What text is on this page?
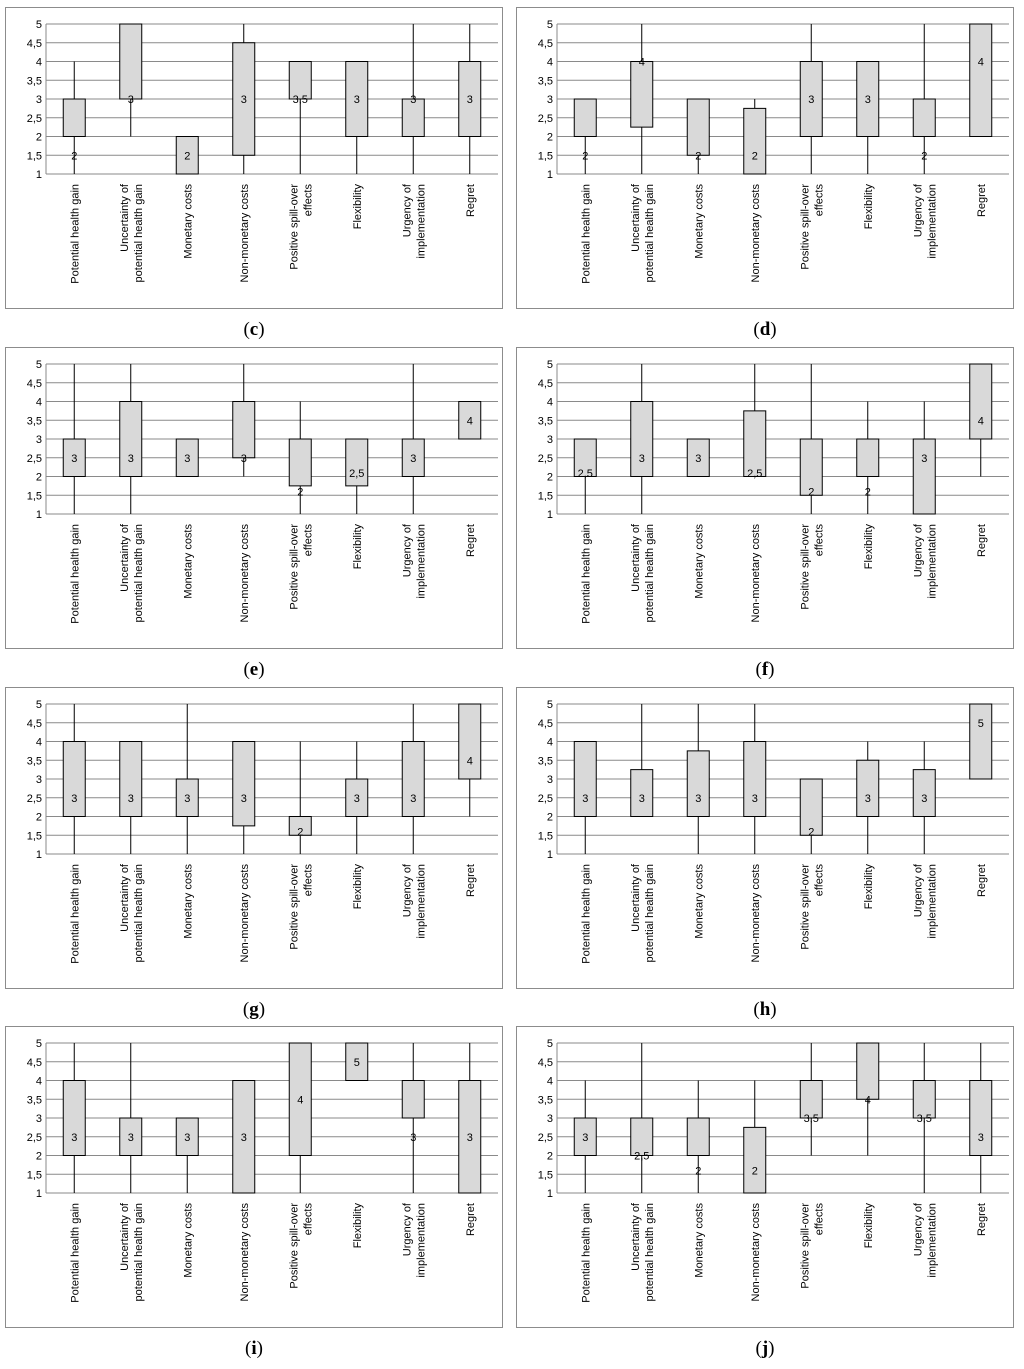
1
1,5
2
2,5
3
3,5
4
4,5
5
2
Potential health gain
3
Uncertainty of potential health gain
2
Monetary costs
3
Non-monetary costs
3,5
Positive spill-over effects
3
Flexibility
3
Urgency of implementation
3
Regret
(c)
1
1,5
2
2,5
3
3,5
4
4,5
5
2
Potential health gain
4
Uncertainty of potential health gain
2
Monetary costs
2
Non-monetary costs
3
Positive spill-over effects
3
Flexibility
2
Urgency of implementation
4
Regret
(d)
1
1,5
2
2,5
3
3,5
4
4,5
5
3
Potential health gain
3
Uncertainty of potential health gain
3
Monetary costs
3
Non-monetary costs
2
Positive spill-over effects
2,5
Flexibility
3
Urgency of implementation
4
Regret
(e)
1
1,5
2
2,5
3
3,5
4
4,5
5
2,5
Potential health gain
3
Uncertainty of potential health gain
3
Monetary costs
2,5
Non-monetary costs
2
Positive spill-over effects
2
Flexibility
3
Urgency of implementation
4
Regret
(f)
1
1,5
2
2,5
3
3,5
4
4,5
5
3
Potential health gain
3
Uncertainty of potential health gain
3
Monetary costs
3
Non-monetary costs
2
Positive spill-over effects
3
Flexibility
3
Urgency of implementation
4
Regret
(g)
1
1,5
2
2,5
3
3,5
4
4,5
5
3
Potential health gain
3
Uncertainty of potential health gain
3
Monetary costs
3
Non-monetary costs
2
Positive spill-over effects
3
Flexibility
3
Urgency of implementation
5
Regret
(h)
1
1,5
2
2,5
3
3,5
4
4,5
5
3
Potential health gain
3
Uncertainty of potential health gain
3
Monetary costs
3
Non-monetary costs
4
Positive spill-over effects
5
Flexibility
3
Urgency of implementation
3
Regret
(i)
1
1,5
2
2,5
3
3,5
4
4,5
5
3
Potential health gain
2,5
Uncertainty of potential health gain
2
Monetary costs
2
Non-monetary costs
3,5
Positive spill-over effects
4
Flexibility
3,5
Urgency of implementation
3
Regret
(j)
